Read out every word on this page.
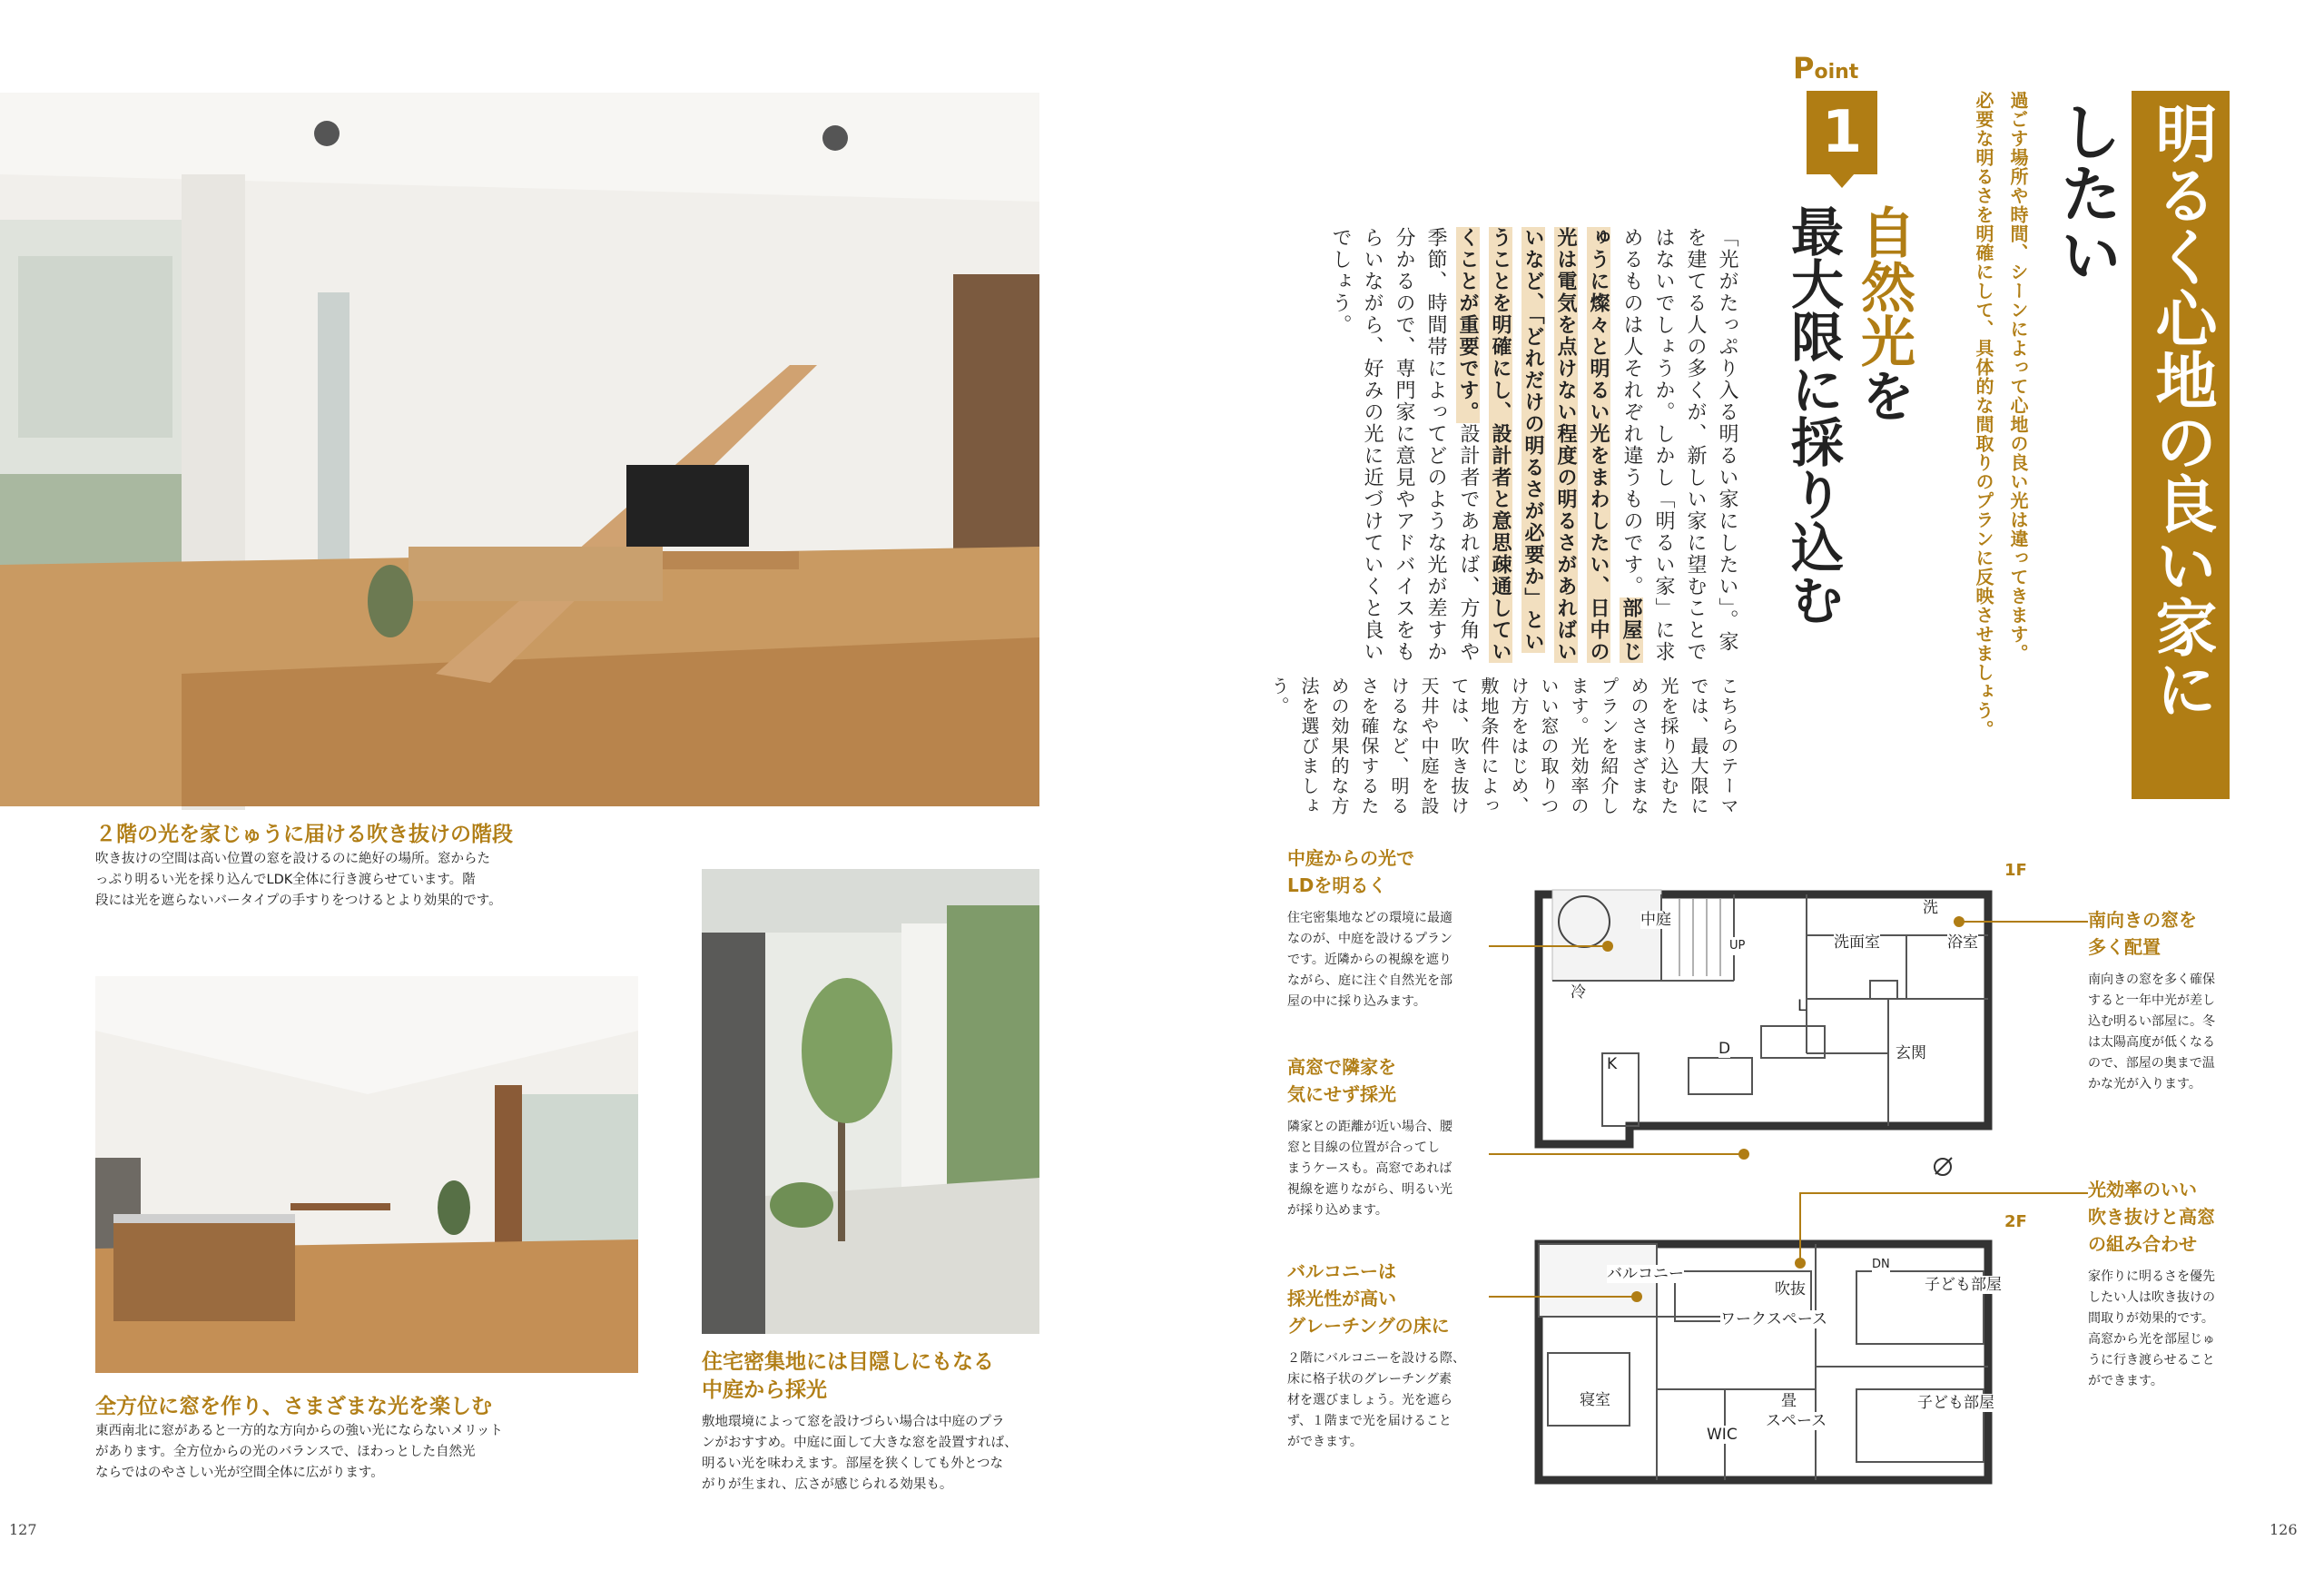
２階の光を家じゅうに届ける吹き抜けの階段
吹き抜けの空間は高い位置の窓を設けるのに絶好の場所。窓からた
っぷり明るい光を採り込んでLDK全体に行き渡らせています。階
段には光を遮らないバータイプの手すりをつけるとより効果的です。
全方位に窓を作り、さまざまな光を楽しむ
東西南北に窓があると一方的な方向からの強い光にならないメリット
があります。全方位からの光のバランスで、ほわっとした自然光
ならではのやさしい光が空間全体に広がります。
住宅密集地には目隠しにもなる
中庭から採光
敷地環境によって窓を設けづらい場合は中庭のプラ
ンがおすすめ。中庭に面して大きな窓を設置すれば、
明るい光を味わえます。部屋を狭くしても外とつな
がりが生まれ、広さが感じられる効果も。
127
明るく心地の良い家に
したい
過ごす場所や時間、シーンによって心地の良い光は違ってきます。
必要な明るさを明確にして、具体的な間取りのプランに反映させましょう。
Point
1
自然光を
最大限に採り込む
「光がたっぷり入る明るい家にしたい」。家を建てる人の多くが、新しい家に望むことではないでしょうか。しかし「明るい家」に求めるものは人それぞれ違うものです。部屋じゅうに燦々と明るい光をまわしたい、日中の光は電気を点けない程度の明るさがあればいいなど、「どれだけの明るさが必要か」ということを明確にし、設計者と意思疎通していくことが重要です。設計者であれば、方角や季節、時間帯によってどのような光が差すか分かるので、専門家に意見やアドバイスをもらいながら、好みの光に近づけていくと良いでしょう。
こちらのテーマでは、最大限に光を採り込むためのさまざまなプランを紹介します。光効率のいい窓の取りつけ方をはじめ、敷地条件によっては、吹き抜け天井や中庭を設けるなど、明るさを確保するための効果的な方法を選びましょう。
1F
中庭
UP
洗
洗面室	浴室
冷
L
D
K
玄関
2F
バルコニー
吹抜
DN
ワークスペース
子ども部屋
寝室	畳
スペース
WIC
子ども部屋
中庭からの光で
LDを明るく
住宅密集地などの環境に最適
なのが、中庭を設けるプラン
です。近隣からの視線を遮り
ながら、庭に注ぐ自然光を部
屋の中に採り込みます。
高窓で隣家を
気にせず採光
隣家との距離が近い場合、腰
窓と目線の位置が合ってし
まうケースも。高窓であれば
視線を遮りながら、明るい光
が採り込めます。
バルコニーは
採光性が高い
グレーチングの床に
２階にバルコニーを設ける際、
床に格子状のグレーチング素
材を選びましょう。光を遮ら
ず、１階まで光を届けること
ができます。
南向きの窓を
多く配置
南向きの窓を多く確保
すると一年中光が差し
込む明るい部屋に。冬
は太陽高度が低くなる
ので、部屋の奥まで温
かな光が入ります。
光効率のいい
吹き抜けと高窓
の組み合わせ
家作りに明るさを優先
したい人は吹き抜けの
間取りが効果的です。
高窓から光を部屋じゅ
うに行き渡らせること
ができます。
126
